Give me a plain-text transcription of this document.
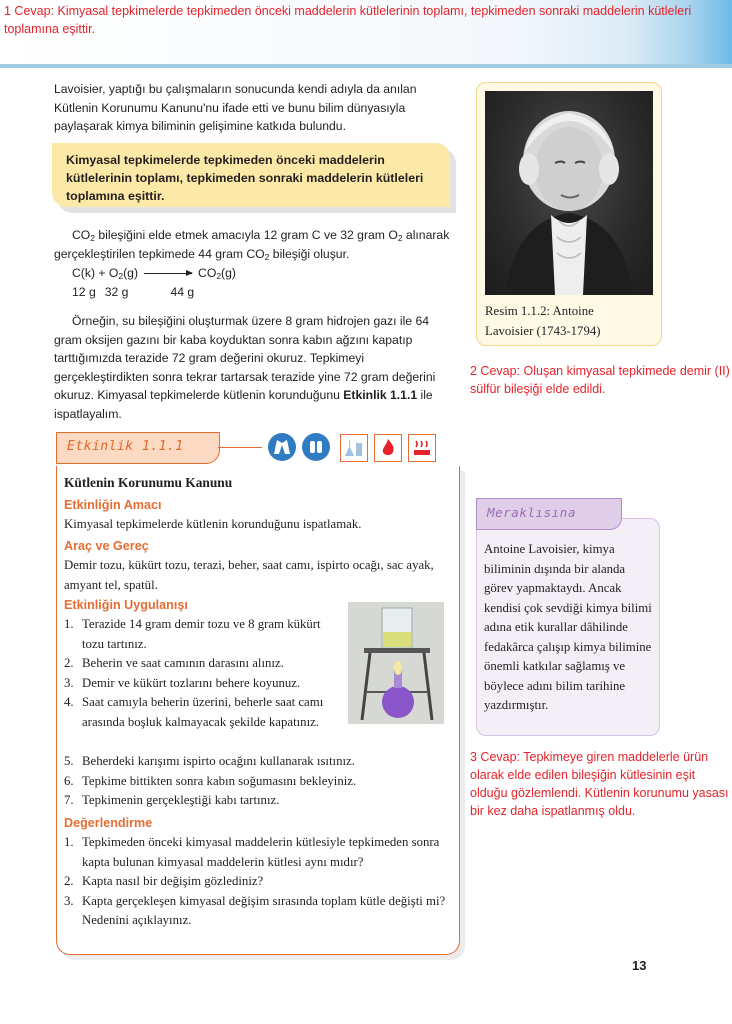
1 Cevap: Kimyasal tepkimelerde tepkimeden önceki maddelerin kütlelerinin toplamı, tepkimeden sonraki maddelerin kütleleri toplamına eşittir.
Lavoisier, yaptığı bu çalışmaların sonucunda kendi adıyla da anılan Kütlenin Korunumu Kanunu'nu ifade etti ve bunu bilim dünyasıyla paylaşarak kimya biliminin gelişimine katkıda bulundu.

Kimyasal tepkimelerde tepkimeden önceki maddelerin kütlelerinin toplamı, tepkimeden sonraki maddelerin kütleleri toplamına eşittir.

$CO_2$ bileşiğini elde etmek amacıyla 12 gram C ve 32 gram $O_2$ alınarak gerçekleştirilen tepkimede 44 gram $CO_2$ bileşiği oluşur.
$C(k) + O_2(g) \to CO_2(g)$
12 g 32 g	44 g
Örneğin, su bileşiğini oluşturmak üzere 8 gram hidrojen gazı ile 64 gram oksijen gazını bir kaba koyduktan sonra kabın ağzını kapatıp tarttığımızda terazide 72 gram değerini okuruz. Tepkimeyi gerçekleştirdikten sonra tekrar tartarsak terazide yine 72 gram değerini okuruz. Kimyasal tepkimelerde kütlenin korunduğunu Etkinlik 1.1.1 ile ispatlayalım.
Resim 1.1.2: Antoine
Lavoisier (1743-1794)
2 Cevap: Oluşan kimyasal tepkimede demir (II) sülfür bileşiği elde edildi.
Etkinlik 1.1.1
Kütlenin Korunumu Kanunu
Etkinliğin Amacı
Kimyasal tepkimelerde kütlenin korunduğunu ispatlamak.
Araç ve Gereç
Demir tozu, kükürt tozu, terazi, beher, saat camı, ispirto ocağı, sac ayak, amyant tel, spatül.
Etkinliğin Uygulanışı
1. Terazide 14 gram demir tozu ve 8 gram kükürt tozu tartınız.
2. Beherin ve saat camının darasını alınız.
3. Demir ve kükürt tozlarını behere koyunuz.
4. Saat camıyla beherin üzerini, beherle saat camı arasında boşluk kalmayacak şekilde kapatınız.
5. Beherdeki karışımı ispirto ocağını kullanarak ısıtınız.
6. Tepkime bittikten sonra kabın soğumasını bekleyiniz.
7. Tepkimenin gerçekleştiği kabı tartınız.
Değerlendirme
1. Tepkimeden önceki kimyasal maddelerin kütlesiyle tepkimeden sonra kapta bulunan kimyasal maddelerin kütlesi aynı mıdır?
2. Kapta nasıl bir değişim gözlediniz?
3. Kapta gerçekleşen kimyasal değişim sırasında toplam kütle değişti mi? Nedenini açıklayınız.
Meraklısına
Antoine Lavoisier, kimya biliminin dışında bir alanda görev yapmaktaydı. Ancak kendisi çok sevdiği kimya bilimi adına etik kurallar dâhilinde fedakârca çalışıp kimya bilimine önemli katkılar sağlamış ve böylece adını bilim tarihine yazdırmıştır.
3 Cevap: Tepkimeye giren maddelerle ürün olarak elde edilen bileşiğin kütlesinin eşit olduğu gözlemlendi. Kütlenin korunumu yasası bir kez daha ispatlanmış oldu.
13
